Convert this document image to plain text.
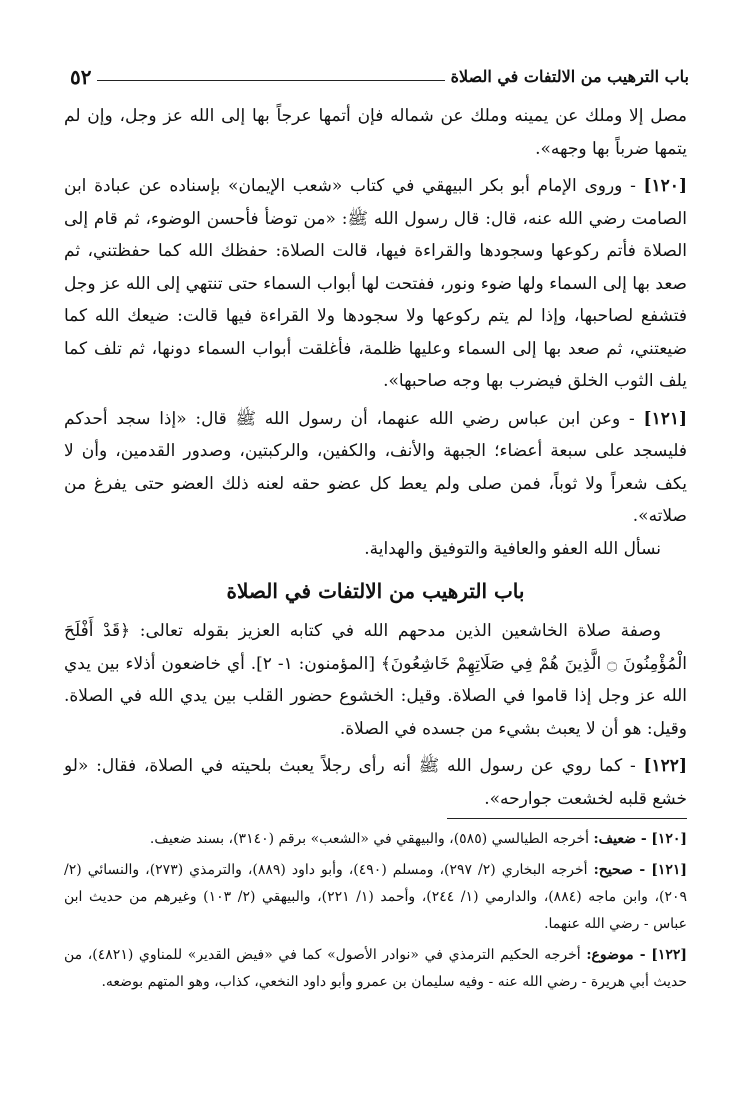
باب الترهيب من الالتفات في الصلاة
٥٢

مصل إلا وملك عن يمينه وملك عن شماله فإن أتمها عرجاً بها إلى الله عز وجل، وإن لم يتمها ضرباً بها وجهه».

[١٢٠] - وروى الإمام أبو بكر البيهقي في كتاب «شعب الإيمان» بإسناده عن عبادة ابن الصامت رضي الله عنه، قال: قال رسول الله ﷺ: «من توضأ فأحسن الوضوء، ثم قام إلى الصلاة فأتم ركوعها وسجودها والقراءة فيها، قالت الصلاة: حفظك الله كما حفظتني، ثم صعد بها إلى السماء ولها ضوء ونور، ففتحت لها أبواب السماء حتى تنتهي إلى الله عز وجل فتشفع لصاحبها، وإذا لم يتم ركوعها ولا سجودها ولا القراءة فيها قالت: ضيعك الله كما ضيعتني، ثم صعد بها إلى السماء وعليها ظلمة، فأغلقت أبواب السماء دونها، ثم تلف كما يلف الثوب الخلق فيضرب بها وجه صاحبها».

[١٢١] - وعن ابن عباس رضي الله عنهما، أن رسول الله ﷺ قال: «إذا سجد أحدكم فليسجد على سبعة أعضاء؛ الجبهة والأنف، والكفين، والركبتين، وصدور القدمين، وأن لا يكف شعراً ولا ثوباً، فمن صلى ولم يعط كل عضو حقه لعنه ذلك العضو حتى يفرغ من صلاته».

نسأل الله العفو والعافية والتوفيق والهداية.

باب الترهيب من الالتفات في الصلاة

وصفة صلاة الخاشعين الذين مدحهم الله في كتابه العزيز بقوله تعالى: ﴿قَدْ أَفْلَحَ الْمُؤْمِنُونَ ۝ الَّذِينَ هُمْ فِي صَلَاتِهِمْ خَاشِعُونَ﴾ [المؤمنون: ١- ٢]. أي خاضعون أذلاء بين يدي الله عز وجل إذا قاموا في الصلاة. وقيل: الخشوع حضور القلب بين يدي الله في الصلاة. وقيل: هو أن لا يعبث بشيء من جسده في الصلاة.

[١٢٢] - كما روي عن رسول الله ﷺ أنه رأى رجلاً يعبث بلحيته في الصلاة، فقال: «لو خشع قلبه لخشعت جوارحه».

[١٢٠] - ضعيف: أخرجه الطيالسي (٥٨٥)، والبيهقي في «الشعب» برقم (٣١٤٠)، بسند ضعيف.

[١٢١] - صحيح: أخرجه البخاري (٢/ ٢٩٧)، ومسلم (٤٩٠)، وأبو داود (٨٨٩)، والترمذي (٢٧٣)، والنسائي (٢/ ٢٠٩)، وابن ماجه (٨٨٤)، والدارمي (١/ ٢٤٤)، وأحمد (١/ ٢٢١)، والبيهقي (٢/ ١٠٣) وغيرهم من حديث ابن عباس - رضي الله عنهما.

[١٢٢] - موضوع: أخرجه الحكيم الترمذي في «نوادر الأصول» كما في «فيض القدير» للمناوي (٤٨٢١)، من حديث أبي هريرة - رضي الله عنه - وفيه سليمان بن عمرو وأبو داود النخعي، كذاب، وهو المتهم بوضعه.
